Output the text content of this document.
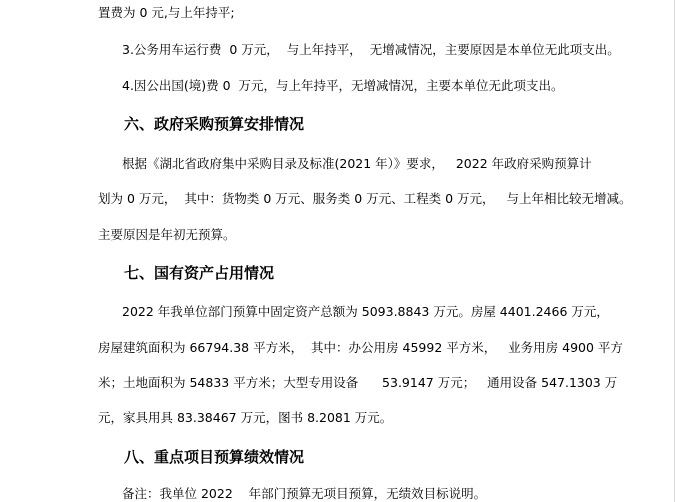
置费为 0 元,与上年持平;
3.公务用车运行费  0 万元，  与上年持平，  无增减情况，主要原因是本单位无此项支出。
4.因公出国(境)费 0  万元，与上年持平，无增减情况，主要本单位无此项支出。
六、政府采购预算安排情况
根据《湖北省政府集中采购目录及标准(2021 年）》要求，   2022 年政府采购预算计
划为 0 万元，  其中：货物类 0 万元、服务类 0 万元、工程类 0 万元，   与上年相比较无增减。
主要原因是年初无预算。
七、国有资产占用情况
2022 年我单位部门预算中固定资产总额为 5093.8843 万元。房屋 4401.2466 万元，
房屋建筑面积为 66794.38 平方米，  其中：办公用房 45992 平方米，   业务用房 4900 平方
米；土地面积为 54833 平方米；大型专用设备      53.9147 万元；   通用设备 547.1303 万
元，家具用具 83.38467 万元，图书 8.2081 万元。
八、重点项目预算绩效情况
备注：我单位 2022    年部门预算无项目预算，无绩效目标说明。
